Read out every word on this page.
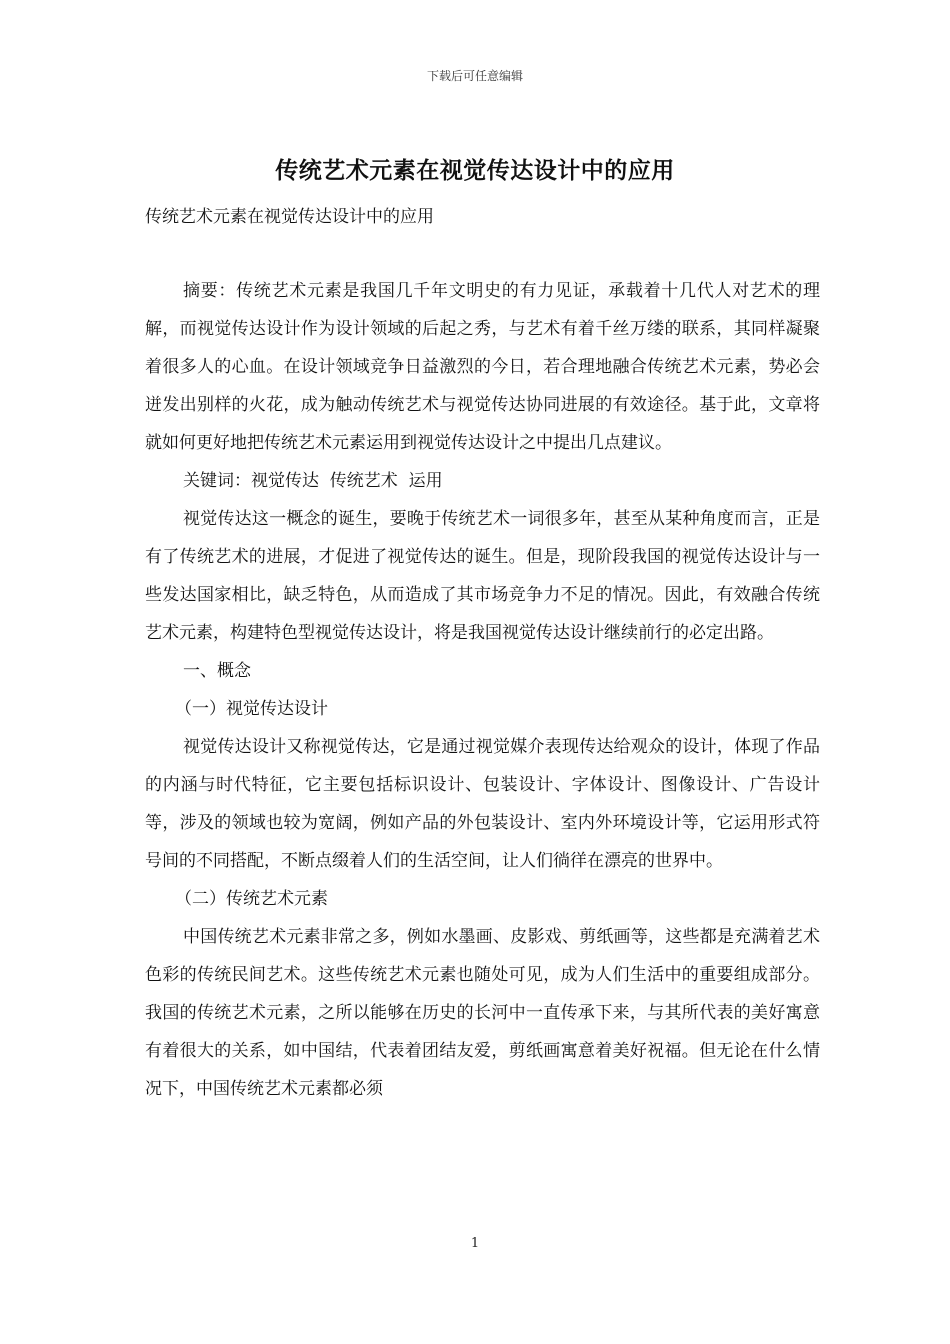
下载后可任意编辑
传统艺术元素在视觉传达设计中的应用
传统艺术元素在视觉传达设计中的应用

摘要：传统艺术元素是我国几千年文明史的有力见证，承载着十几代人对艺术的理解，而视觉传达设计作为设计领域的后起之秀，与艺术有着千丝万缕的联系，其同样凝聚着很多人的心血。在设计领域竞争日益激烈的今日，若合理地融合传统艺术元素，势必会迸发出别样的火花，成为触动传统艺术与视觉传达协同进展的有效途径。基于此，文章将就如何更好地把传统艺术元素运用到视觉传达设计之中提出几点建议。

关键词：视觉传达  传统艺术  运用

视觉传达这一概念的诞生，要晚于传统艺术一词很多年，甚至从某种角度而言，正是有了传统艺术的进展，才促进了视觉传达的诞生。但是，现阶段我国的视觉传达设计与一些发达国家相比，缺乏特色，从而造成了其市场竞争力不足的情况。因此，有效融合传统艺术元素，构建特色型视觉传达设计，将是我国视觉传达设计继续前行的必定出路。

一、概念

（一）视觉传达设计

视觉传达设计又称视觉传达，它是通过视觉媒介表现传达给观众的设计，体现了作品的内涵与时代特征，它主要包括标识设计、包装设计、字体设计、图像设计、广告设计等，涉及的领域也较为宽阔，例如产品的外包装设计、室内外环境设计等，它运用形式符号间的不同搭配，不断点缀着人们的生活空间，让人们徜徉在漂亮的世界中。

（二）传统艺术元素

中国传统艺术元素非常之多，例如水墨画、皮影戏、剪纸画等，这些都是充满着艺术色彩的传统民间艺术。这些传统艺术元素也随处可见，成为人们生活中的重要组成部分。我国的传统艺术元素，之所以能够在历史的长河中一直传承下来，与其所代表的美好寓意有着很大的关系，如中国结，代表着团结友爱，剪纸画寓意着美好祝福。但无论在什么情况下，中国传统艺术元素都必须

1
